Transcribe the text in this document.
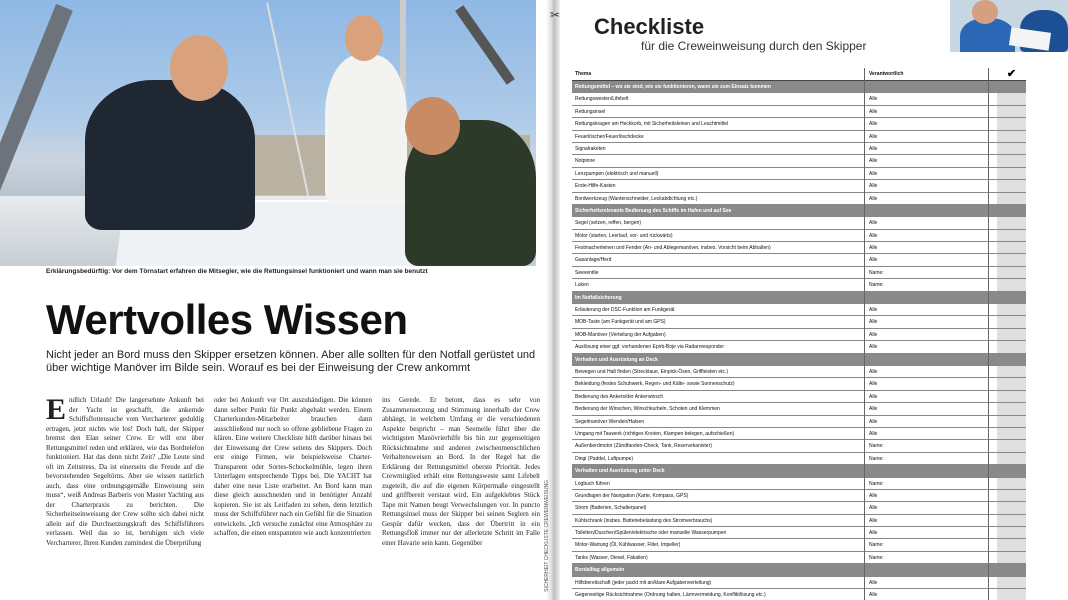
Erklärungsbedürftig: Vor dem Törnstart erfahren die Mitsegler, wie die Rettungsinsel funktioniert und wann man sie benutzt
Wertvolles Wissen
Nicht jeder an Bord muss den Skipper ersetzen können. Aber alle sollten für den Notfall gerüstet und über wichtige Manöver im Bilde sein. Worauf es bei der Einweisung der Crew ankommt
E ndlich Urlaub! Die langersehnte Ankunft bei der Yacht ist geschafft, die ankernde Schiffsflottensuche vom Vercharterer geduldig ertragen, jetzt nichts wie los! Doch halt, der Skipper bremst den Elan seiner Crew. Er will erst über Rettungsmittel reden und erklären, wie das Bordtelefon funktioniert. Hat das denn nicht Zeit? „Die Leute sind oft im Zeitstress. Da ist einerseits die Freude auf die bevorstehenden Segeltörns. Aber sie wissen natürlich auch, dass eine ordnungsgemäße Einweisung sein muss“, weiß Andreas Barberis von Master Yachting aus der Charterpraxis zu berichten. Die Sicherheitseinweisung der Crew sollte sich dabei nicht allein auf die Durchsetzungskraft des Schiffsführers verlassen. Weil das so ist, beruhigen sich viele Vercharterer, Ihren Kunden zumindest die Überprüfung
oder bei Ankunft vor Ort auszuhändigen. Die können dann selber Punkt für Punkt abgehakt werden. Einem Charterkunden-Mitarbeiter brauchen dann ausschließend nur noch so offene gebliebene Fragen zu klären. Eine weitere Checkliste hilft darüber hinaus bei der Einweisung der Crew seitens des Skippers. Doch erst einige Firmen, wie beispielsweise Charter-Transparent oder Sortes-Schockelmühle, legen ihren Unterlagen entsprechende Tipps bei. Die YACHT hat daher eine neue Liste erarbeitet. An Bord kann man diese gleich ausschneiden und in benötigter Anzahl kopieren. Sie ist als Leitfaden zu sehen, denn letztlich muss der Schiffsführer nach ein Gefühl für die Situation entwickeln. „Ich versuche zunächst eine Atmosphäre zu schaffen, die einen entspannten wie auch konzentrierten
ins Gerede. Er betont, dass es sehr von Zusammensetzung und Stimmung innerhalb der Crew abhängt, in welchem Umfang er die verschiedenen Aspekte bespricht – man Seemeile führt über die wichtigsten Manövrierhilfe bis hin zur gegenseitigen Rücksichtnahme und anderen zwischenmenschlichen Verhaltensweisen an Bord. In der Regel hat die Erklärung der Rettungsmittel oberste Priorität. Jedes Crewmitglied erhält eine Rettungsweste samt Lifebelt zugeteilt, die auf die eigenen Körpermaße eingestellt und griffbereit verstaut wird. Ein aufgeklebtes Stück Tape mit Namen beugt Verwechslungen vor. In puncto Rettungsinsel muss der Skipper bei seinen Seglern ein Gespür dafür wecken, dass der Übertritt in ein Rettungsfloß immer nur der allerletzte Schritt im Falle einer Havarie sein kann. Gegenüber	SICHERHEIT CHECKLISTE CREWEINWEISUNG
✂ Checkliste
für die Creweinweisung durch den Skipper
Thema	Verantwortlich	✔
Rettungsmittel – wo sie sind, wie sie funktionieren, wann sie zum Einsatz kommen
Rettungswesten/Lifebelt	Alle
Rettungsinsel	Alle
Rettungskragen am Heckkorb, mit Sicherheitsleinen und Leuchtmittel	Alle
Feuerlöscher/Feuerlöschdecke	Alle
Signalraketen	Alle
Notpinne	Alle
Lenzpumpen (elektrisch und manuell)	Alle
Erste-Hilfe-Kasten	Alle
Bordwerkzeug (Wantenschneider, Leckabdichtung etc.)	Alle
Sicherheitsrelevante Bedienung des Schiffs im Hafen und auf See
Segel (setzen, reffen, bergen)	Alle
Motor (starten, Leerlauf, vor- und rückwärts)	Alle
Festmacherleinen und Fender (An- und Ablegemanöver, insbes. Vorsicht beim Abhalten)	Alle
Gasanlage/Herd	Alle
Seeventile	Name:
Luken	Name:
Im Notfallsicherung
Erläuterung der DSC-Funktion am Funkgerät	Alle
MOB-Taste (am Funkgerät und am GPS)	Alle
MOB-Manöver (Verteilung der Aufgaben)	Alle
Auslösung einer ggf. vorhandenen Epirb-Boje via Radarreesponder	Alle
Verhalten und Ausrüstung an Deck
Bewegen und Halt finden (Strecktaue, Einpick-Ösen, Griffleisten etc.)	Alle
Bekleidung (festes Schuhwerk, Regen- und Kälte- sowie Sonnenschutz)	Alle
Bedienung des Ankers/der Ankerwinsch	Alle
Bedienung der Winschen, Winschkurbeln, Schoten und Klemmen	Alle
Segelmanöver Wenden/Halsen	Alle
Umgang mit Tauwerk (richtiges Knoten, Klampen belegen, aufschießen)	Alle
Außenbordmotor (Zündfaoden-Check, Tank, Reservekanister)	Name:
Dingi (Paddel, Luftpumpe)	Name:
Verhalten und Ausrüstung unter Deck
Logbuch führen	Name:
Grundlagen der Navigation (Karte, Kompass, GPS)	Alle
Strom (Batterien, Schalterpanel)	Alle
Kühlschrank (insbes. Batteriebelastung des Stromverbrauchs)	Alle
Toiletten/Duschen/Spülen/elektrische oder manuelle Wasserpumpen	Alle
Motor-Wartung (Öl, Kühlwasser, Filter, Impeller)	Name:
Tanks (Wasser, Diesel, Fäkalien)	Name:
Bordalltag allgemein
Hilfsbereitschaft (jeder packt mit an/klare Aufgabenverteilung)	Alle
Gegenseitige Rücksichtnahme (Ordnung halten, Lärmvermeidung, Konfliktlösung etc.)	Alle
